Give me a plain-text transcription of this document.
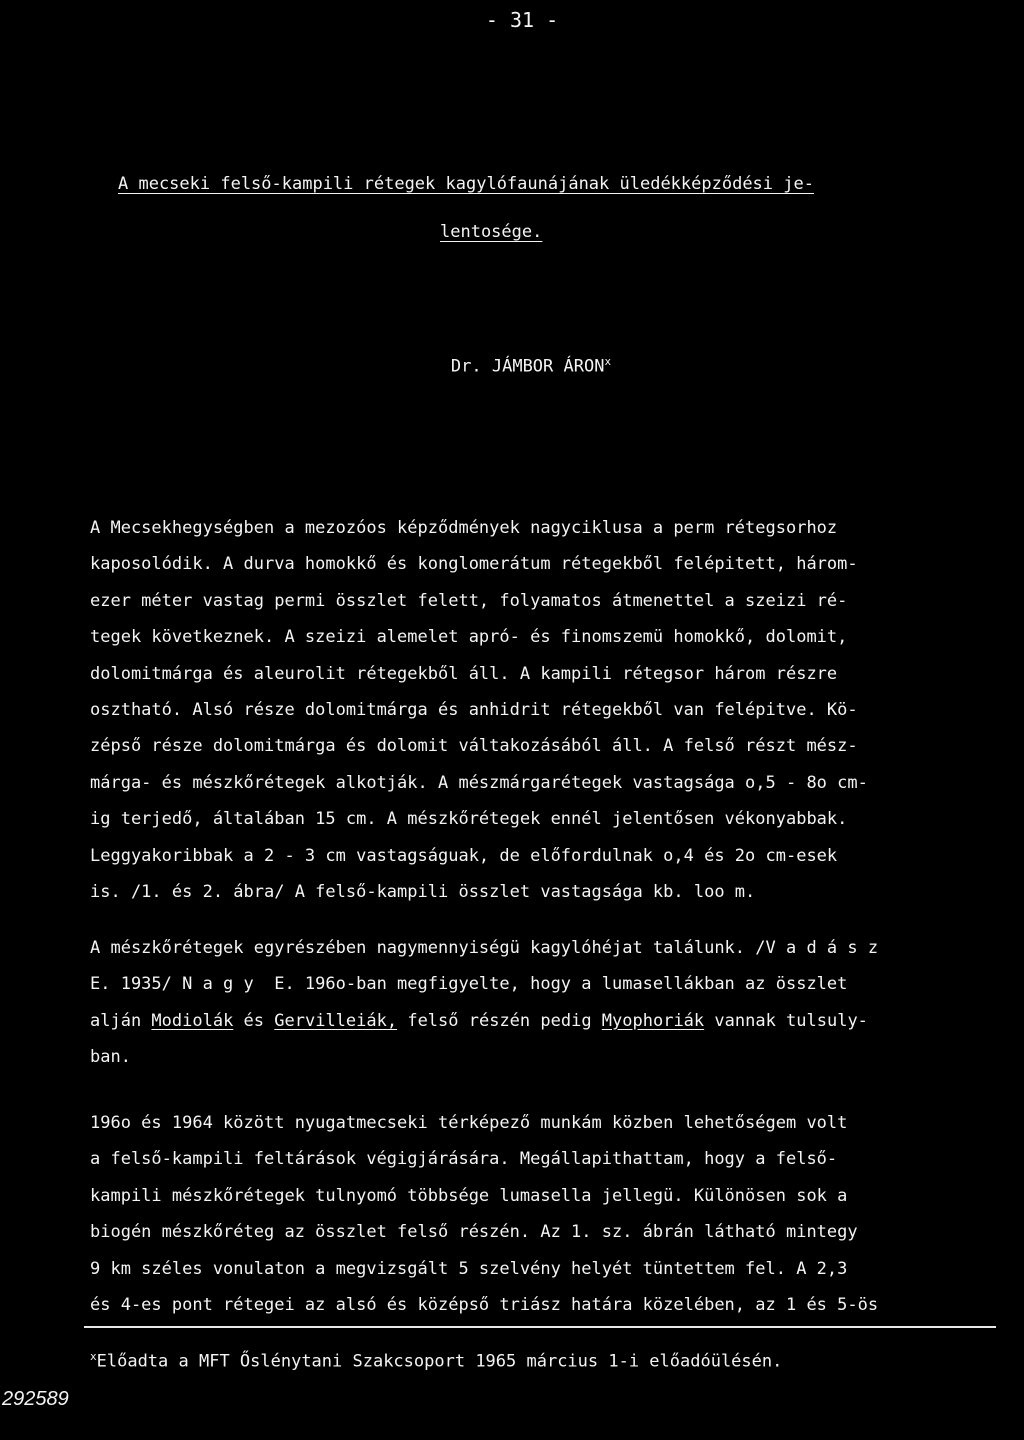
- 31 -
A mecseki felső-kampili rétegek kagylófaunájának üledékképződési je-
lentosége.
Dr. JÁMBOR ÁRON$^x$
A Mecsekhegységben a mezozóos képződmények nagyciklusa a perm rétegsorhoz
kaposolódik. A durva homokkő és konglomerátum rétegekből felépitett, három-
ezer méter vastag permi összlet felett, folyamatos átmenettel a szeizi ré-
tegek következnek. A szeizi alemelet apró- és finomszemü homokkő, dolomit,
dolomitmárga és aleurolit rétegekből áll. A kampili rétegsor három részre
osztható. Alsó része dolomitmárga és anhidrit rétegekből van felépitve. Kö-
zépső része dolomitmárga és dolomit váltakozásából áll. A felső részt mész-
márga- és mészkőrétegek alkotják. A mészmárgarétegek vastagsága o,5 - 8o cm-
ig terjedő, általában 15 cm. A mészkőrétegek ennél jelentősen vékonyabbak.
Leggyakoribbak a 2 - 3 cm vastagságuak, de előfordulnak o,4 és 2o cm-esek
is. /1. és 2. ábra/ A felső-kampili összlet vastagsága kb. loo m.
A mészkőrétegek egyrészében nagymennyiségü kagylóhéjat találunk. /V a d á s z
E. 1935/ N a g y  E. 196o-ban megfigyelte, hogy a lumasellákban az összlet
alján Modiolák és Gervilleiák, felső részén pedig Myophoriák vannak tulsuly-
ban.
196o és 1964 között nyugatmecseki térképező munkám közben lehetőségem volt
a felső-kampili feltárások végigjárására. Megállapithattam, hogy a felső-
kampili mészkőrétegek tulnyomó többsége lumasella jellegü. Különösen sok a
biogén mészkőréteg az összlet felső részén. Az 1. sz. ábrán látható mintegy
9 km széles vonulaton a megvizsgált 5 szelvény helyét tüntettem fel. A 2,3
és 4-es pont rétegei az alsó és középső triász határa közelében, az 1 és 5-ös
$^x$Előadta a MFT Őslénytani Szakcsoport 1965 március 1-i előadóülésén.
292589
